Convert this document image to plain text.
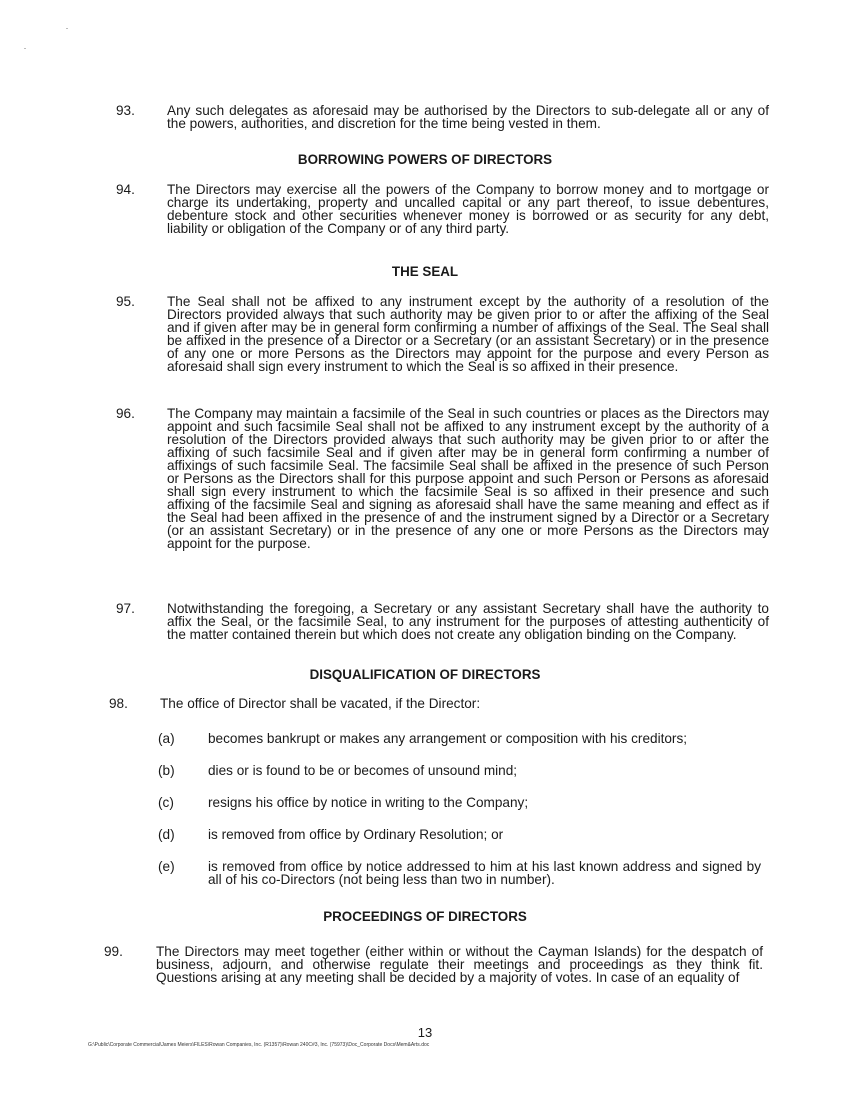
93. Any such delegates as aforesaid may be authorised by the Directors to sub-delegate all or any of the powers, authorities, and discretion for the time being vested in them.
BORROWING POWERS OF DIRECTORS
94. The Directors may exercise all the powers of the Company to borrow money and to mortgage or charge its undertaking, property and uncalled capital or any part thereof, to issue debentures, debenture stock and other securities whenever money is borrowed or as security for any debt, liability or obligation of the Company or of any third party.
THE SEAL
95. The Seal shall not be affixed to any instrument except by the authority of a resolution of the Directors provided always that such authority may be given prior to or after the affixing of the Seal and if given after may be in general form confirming a number of affixings of the Seal. The Seal shall be affixed in the presence of a Director or a Secretary (or an assistant Secretary) or in the presence of any one or more Persons as the Directors may appoint for the purpose and every Person as aforesaid shall sign every instrument to which the Seal is so affixed in their presence.
96. The Company may maintain a facsimile of the Seal in such countries or places as the Directors may appoint and such facsimile Seal shall not be affixed to any instrument except by the authority of a resolution of the Directors provided always that such authority may be given prior to or after the affixing of such facsimile Seal and if given after may be in general form confirming a number of affixings of such facsimile Seal. The facsimile Seal shall be affixed in the presence of such Person or Persons as the Directors shall for this purpose appoint and such Person or Persons as aforesaid shall sign every instrument to which the facsimile Seal is so affixed in their presence and such affixing of the facsimile Seal and signing as aforesaid shall have the same meaning and effect as if the Seal had been affixed in the presence of and the instrument signed by a Director or a Secretary (or an assistant Secretary) or in the presence of any one or more Persons as the Directors may appoint for the purpose.
97. Notwithstanding the foregoing, a Secretary or any assistant Secretary shall have the authority to affix the Seal, or the facsimile Seal, to any instrument for the purposes of attesting authenticity of the matter contained therein but which does not create any obligation binding on the Company.
DISQUALIFICATION OF DIRECTORS
98. The office of Director shall be vacated, if the Director:
(a) becomes bankrupt or makes any arrangement or composition with his creditors;
(b) dies or is found to be or becomes of unsound mind;
(c)	resigns his office by notice in writing to the Company;
(d) is removed from office by Ordinary Resolution; or
(e) is removed from office by notice addressed to him at his last known address and signed by all of his co-Directors (not being less than two in number).
PROCEEDINGS OF DIRECTORS
99. The Directors may meet together (either within or without the Cayman Islands) for the despatch of business, adjourn, and otherwise regulate their meetings and proceedings as they think fit. Questions arising at any meeting shall be decided by a majority of votes. In case of an equality of
13
G:\Public\Corporate Commercial\James Meiers\FILES\Rowan Companies, Inc. (R1357)\Rowan 240C#3, Inc. (75973)\Doc_Corporate Docs\Mem&Arts.doc
